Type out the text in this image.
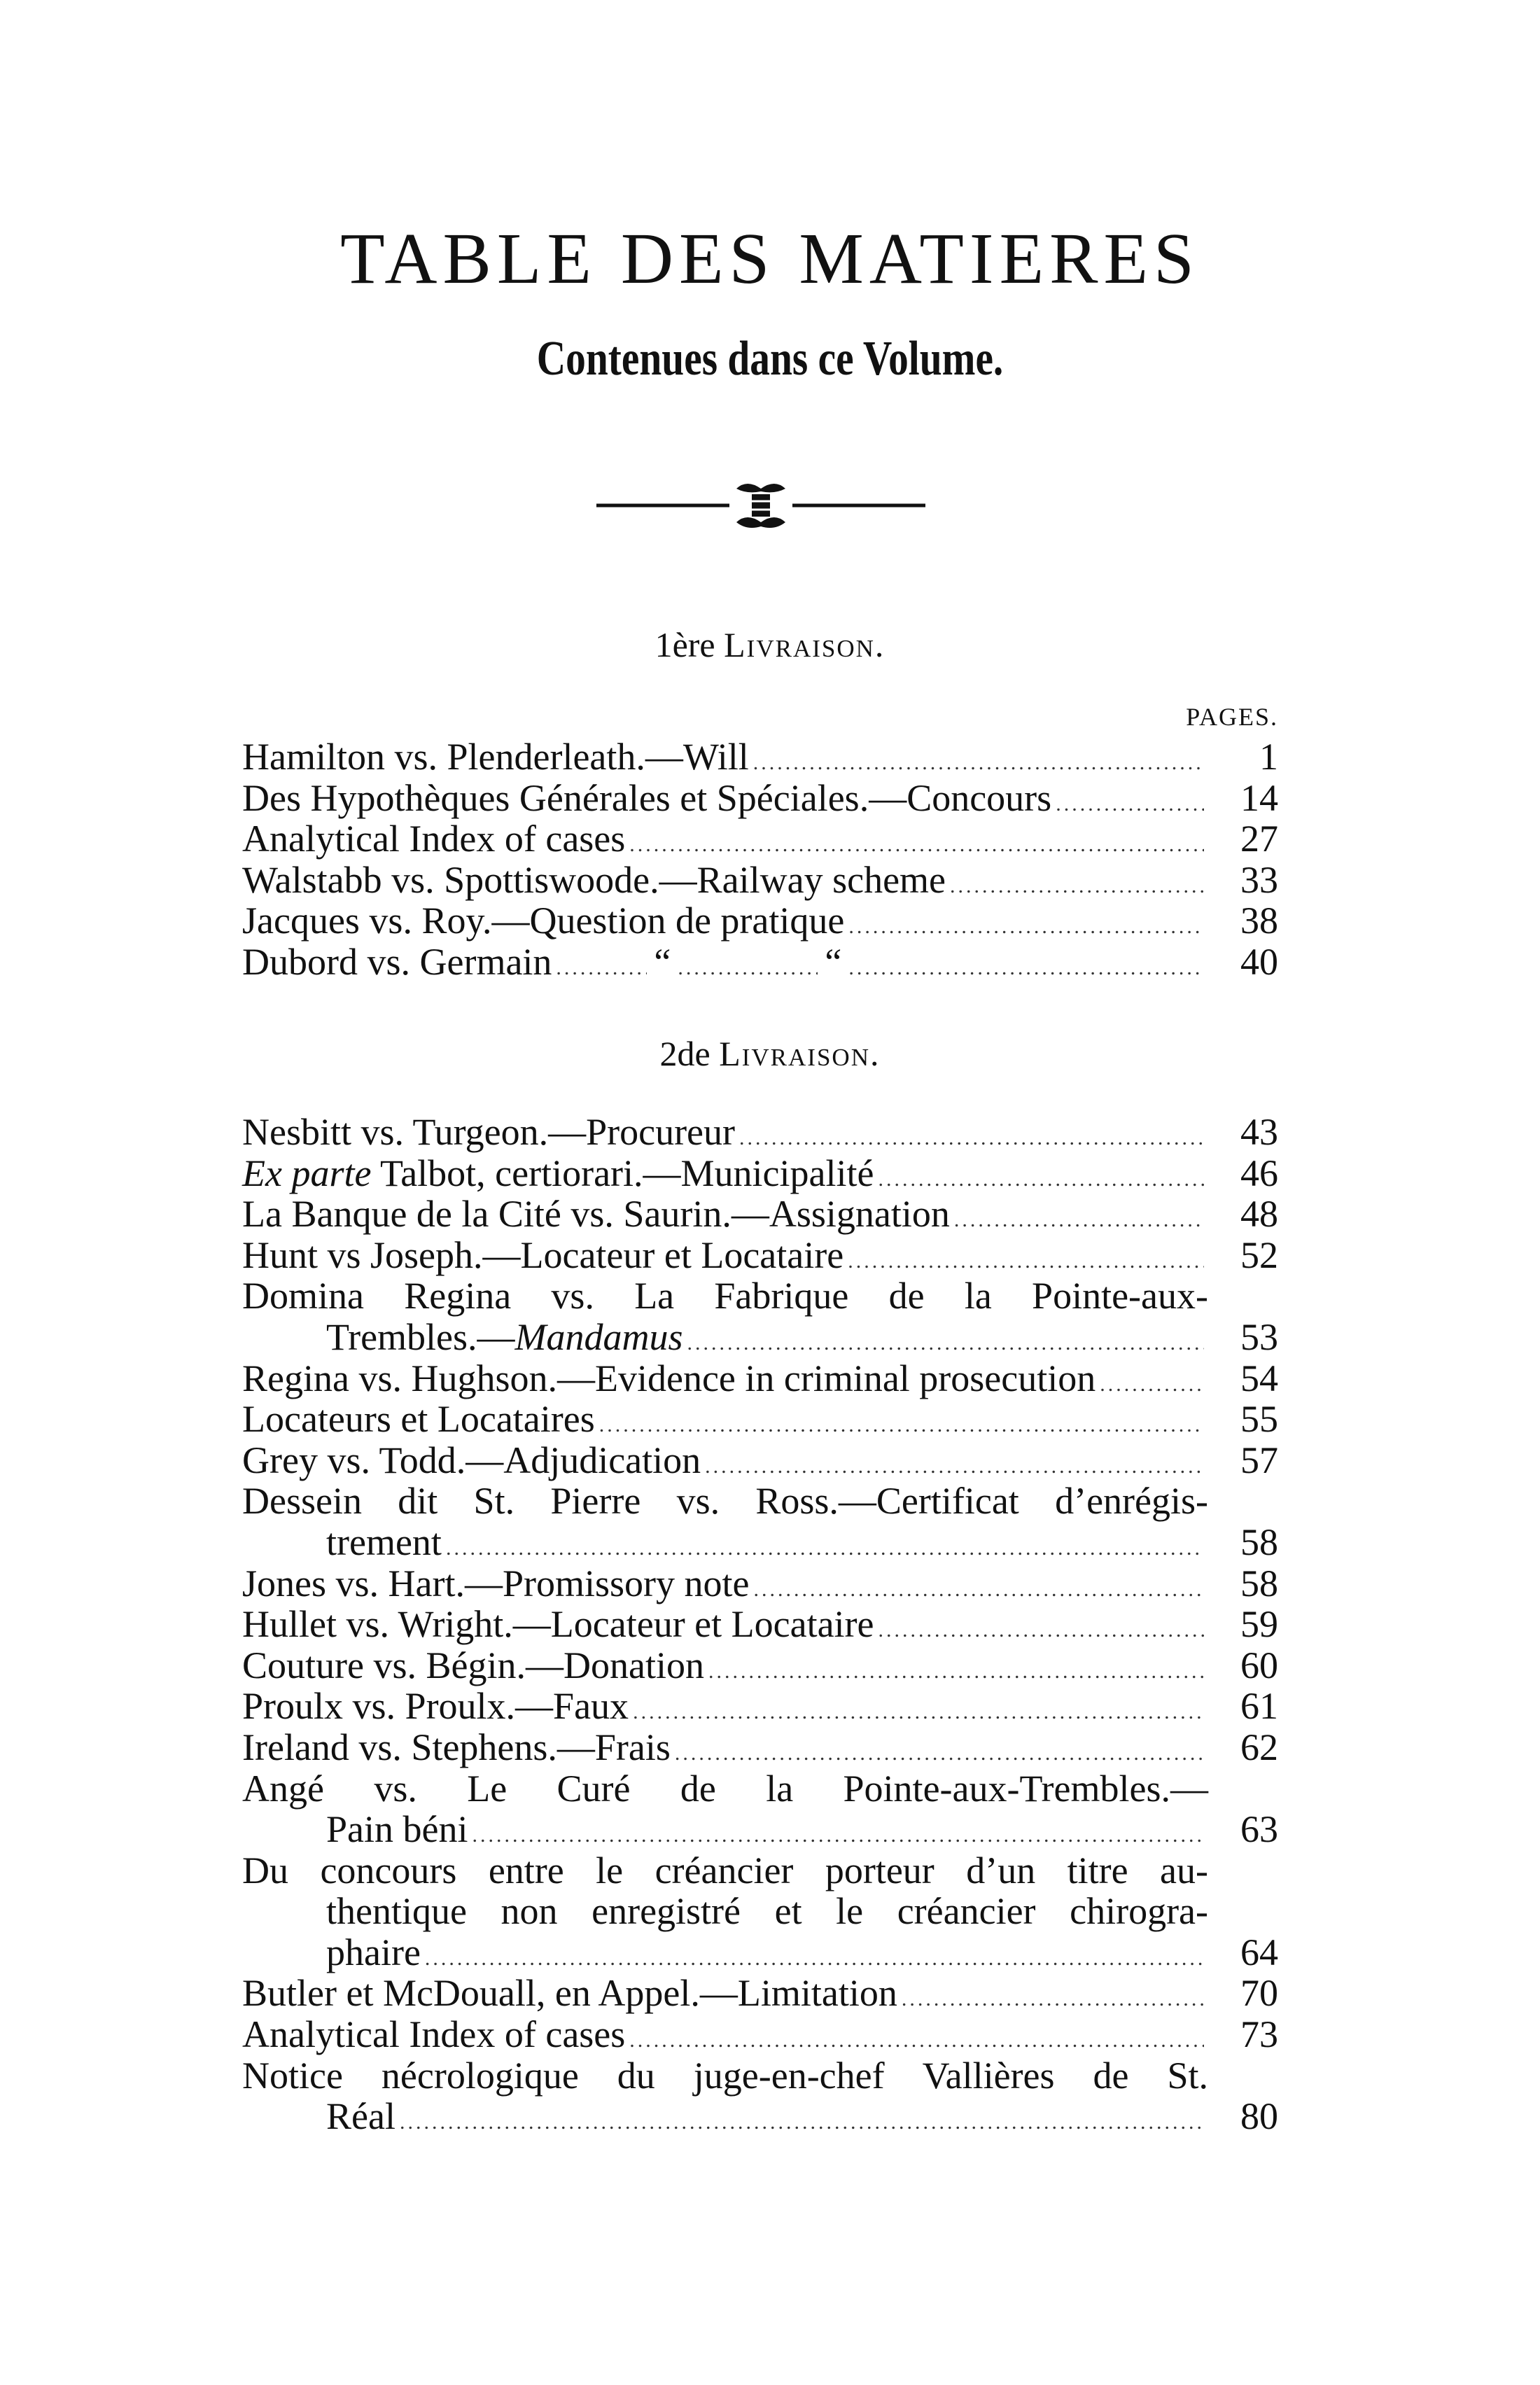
TABLE DES MATIERES
Contenues dans ce Volume.
1ère Livraison.
PAGES.
Hamilton vs. Plenderleath.—Will .....	1
Des Hypothèques Générales et Spéciales.—Concours .....	14
Analytical Index of cases .....	27
Walstabb vs. Spottiswoode.—Railway scheme .....	33
Jacques vs. Roy.—Question de pratique .....	38
Dubord vs. Germain .....	“ .....	“ .....	40
2de Livraison.
Nesbitt vs. Turgeon.—Procureur .....	43
Ex parte Talbot, certiorari.—Municipalité .....	46
La Banque de la Cité vs. Saurin.—Assignation .....	48
Hunt vs Joseph.—Locateur et Locataire .....	52
Domina Regina vs. La Fabrique de la Pointe-aux-
Trembles.— Mandamus .....	53
Regina vs. Hughson.—Evidence in criminal prosecution .....	54
Locateurs et Locataires .....	55
Grey vs. Todd.—Adjudication .....	57
Dessein dit St. Pierre vs. Ross.—Certificat d’enrégis-
trement .....	58
Jones vs. Hart.—Promissory note .....	58
Hullet vs. Wright.—Locateur et Locataire .....	59
Couture vs. Bégin.—Donation .....	60
Proulx vs. Proulx.—Faux .....	61
Ireland vs. Stephens.—Frais .....	62
Angé vs. Le Curé de la Pointe-aux-Trembles.—
Pain béni .....	63
Du concours entre le créancier porteur d’un titre au-
thentique non enregistré et le créancier chirogra-
phaire .....	64
Butler et McDouall, en Appel.—Limitation .....	70
Analytical Index of cases .....	73
Notice nécrologique du juge-en-chef Vallières de St.
Réal .....	80
